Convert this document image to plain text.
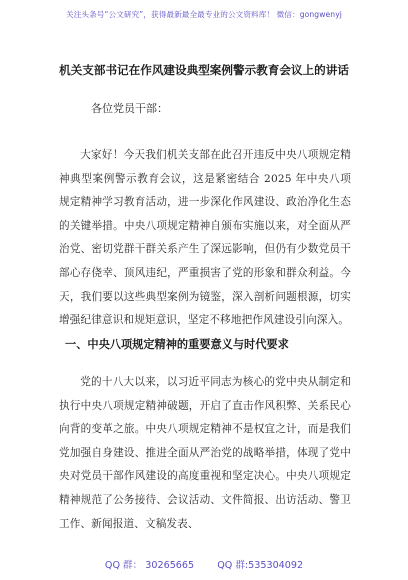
关注头条号“公文研究”，获得最新最全最专业的公文资料库！ 微信：gongwenyj
机关支部书记在作风建设典型案例警示教育会议上的讲话
各位党员干部：

大家好！今天我们机关支部在此召开违反中央八项规定精神典型案例警示教育会议，这是紧密结合 2025 年中央八项规定精神学习教育活动，进一步深化作风建设、政治净化生态的关键举措。中央八项规定精神自颁布实施以来，对全面从严治党、密切党群干群关系产生了深远影响，但仍有少数党员干部心存侥幸、顶风违纪，严重损害了党的形象和群众利益。今天，我们要以这些典型案例为镜鉴，深入剖析问题根源，切实增强纪律意识和规矩意识，坚定不移地把作风建设引向深入。

一、中央八项规定精神的重要意义与时代要求

党的十八大以来，以习近平同志为核心的党中央从制定和执行中央八项规定精神破题，开启了直击作风积弊、关系民心向背的变革之旅。中央八项规定精神不是权宜之计，而是我们党加强自身建设、推进全面从严治党的战略举措，体现了党中央对党员干部作风建设的高度重视和坚定决心。中央八项规定精神规范了公务接待、会议活动、文件简报、出访活动、警卫工作、新闻报道、文稿发表、

QQ 群： 30265665 QQ 群:535304092
